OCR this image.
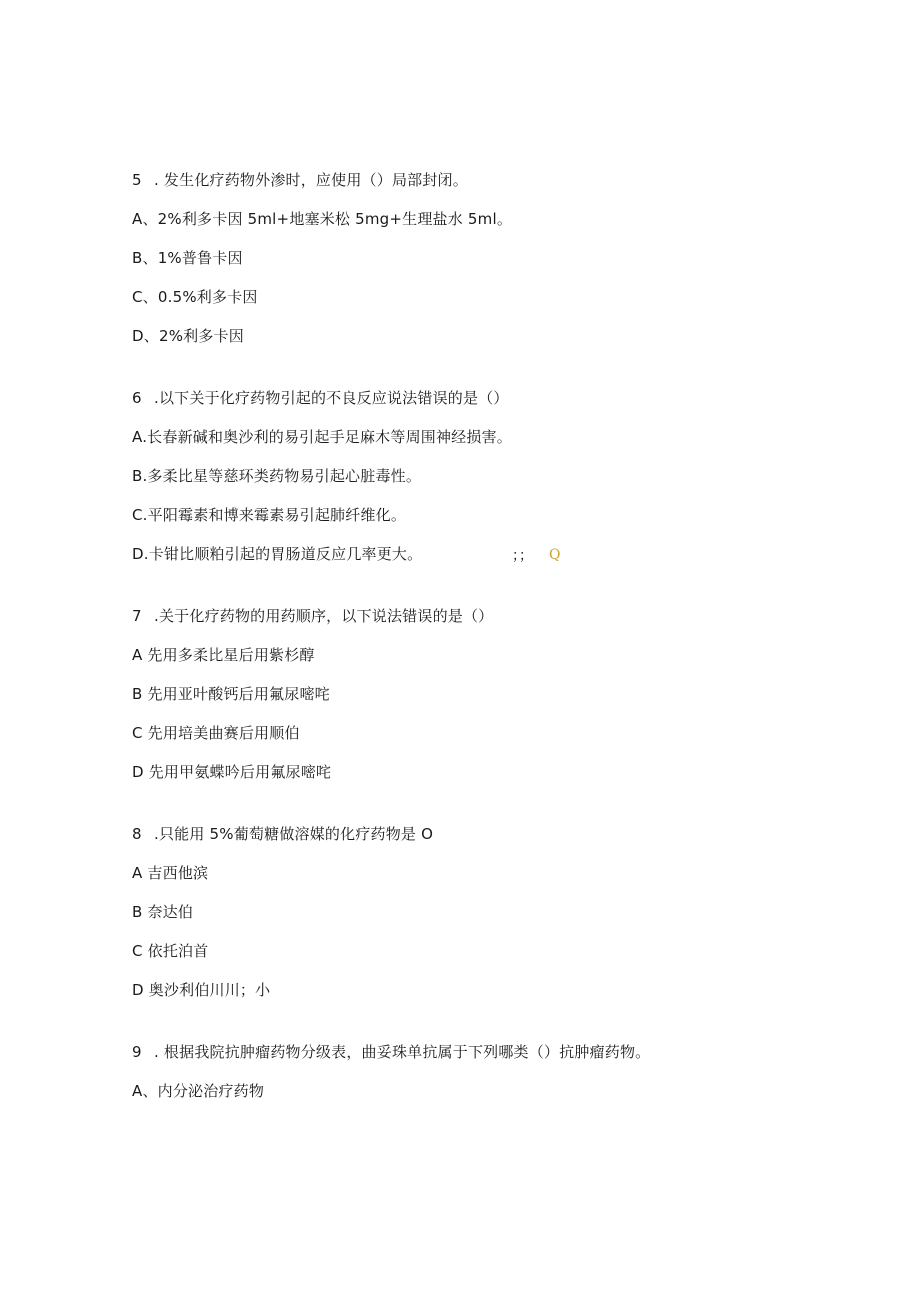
5 . 发生化疗药物外渗时，应使用（）局部封闭。
A、2%利多卡因 5ml+地塞米松 5mg+生理盐水 5ml。
B、1%普鲁卡因
C、0.5%利多卡因
D、2%利多卡因
6 .以下关于化疗药物引起的不良反应说法错误的是（）
A.长春新碱和奥沙利的易引起手足麻木等周围神经损害。
B.多柔比星等慈环类药物易引起心脏毒性。
C.平阳霉素和博来霉素易引起肺纤维化。
D.卡钳比顺粕引起的胃肠道反应几率更大。	；； Q
7 .关于化疗药物的用药顺序，以下说法错误的是（）
A 先用多柔比星后用紫杉醇
B 先用亚叶酸钙后用氟尿嘧咤
C 先用培美曲赛后用顺伯
D 先用甲氨蝶吟后用氟尿嘧咤
8 .只能用 5%葡萄糖做溶媒的化疗药物是 O
A 吉西他滨
B 奈达伯
C 依托泊首
D 奥沙利伯川川；小
9 . 根据我院抗肿瘤药物分级表，曲妥珠单抗属于下列哪类（）抗肿瘤药物。
A、内分泌治疗药物
